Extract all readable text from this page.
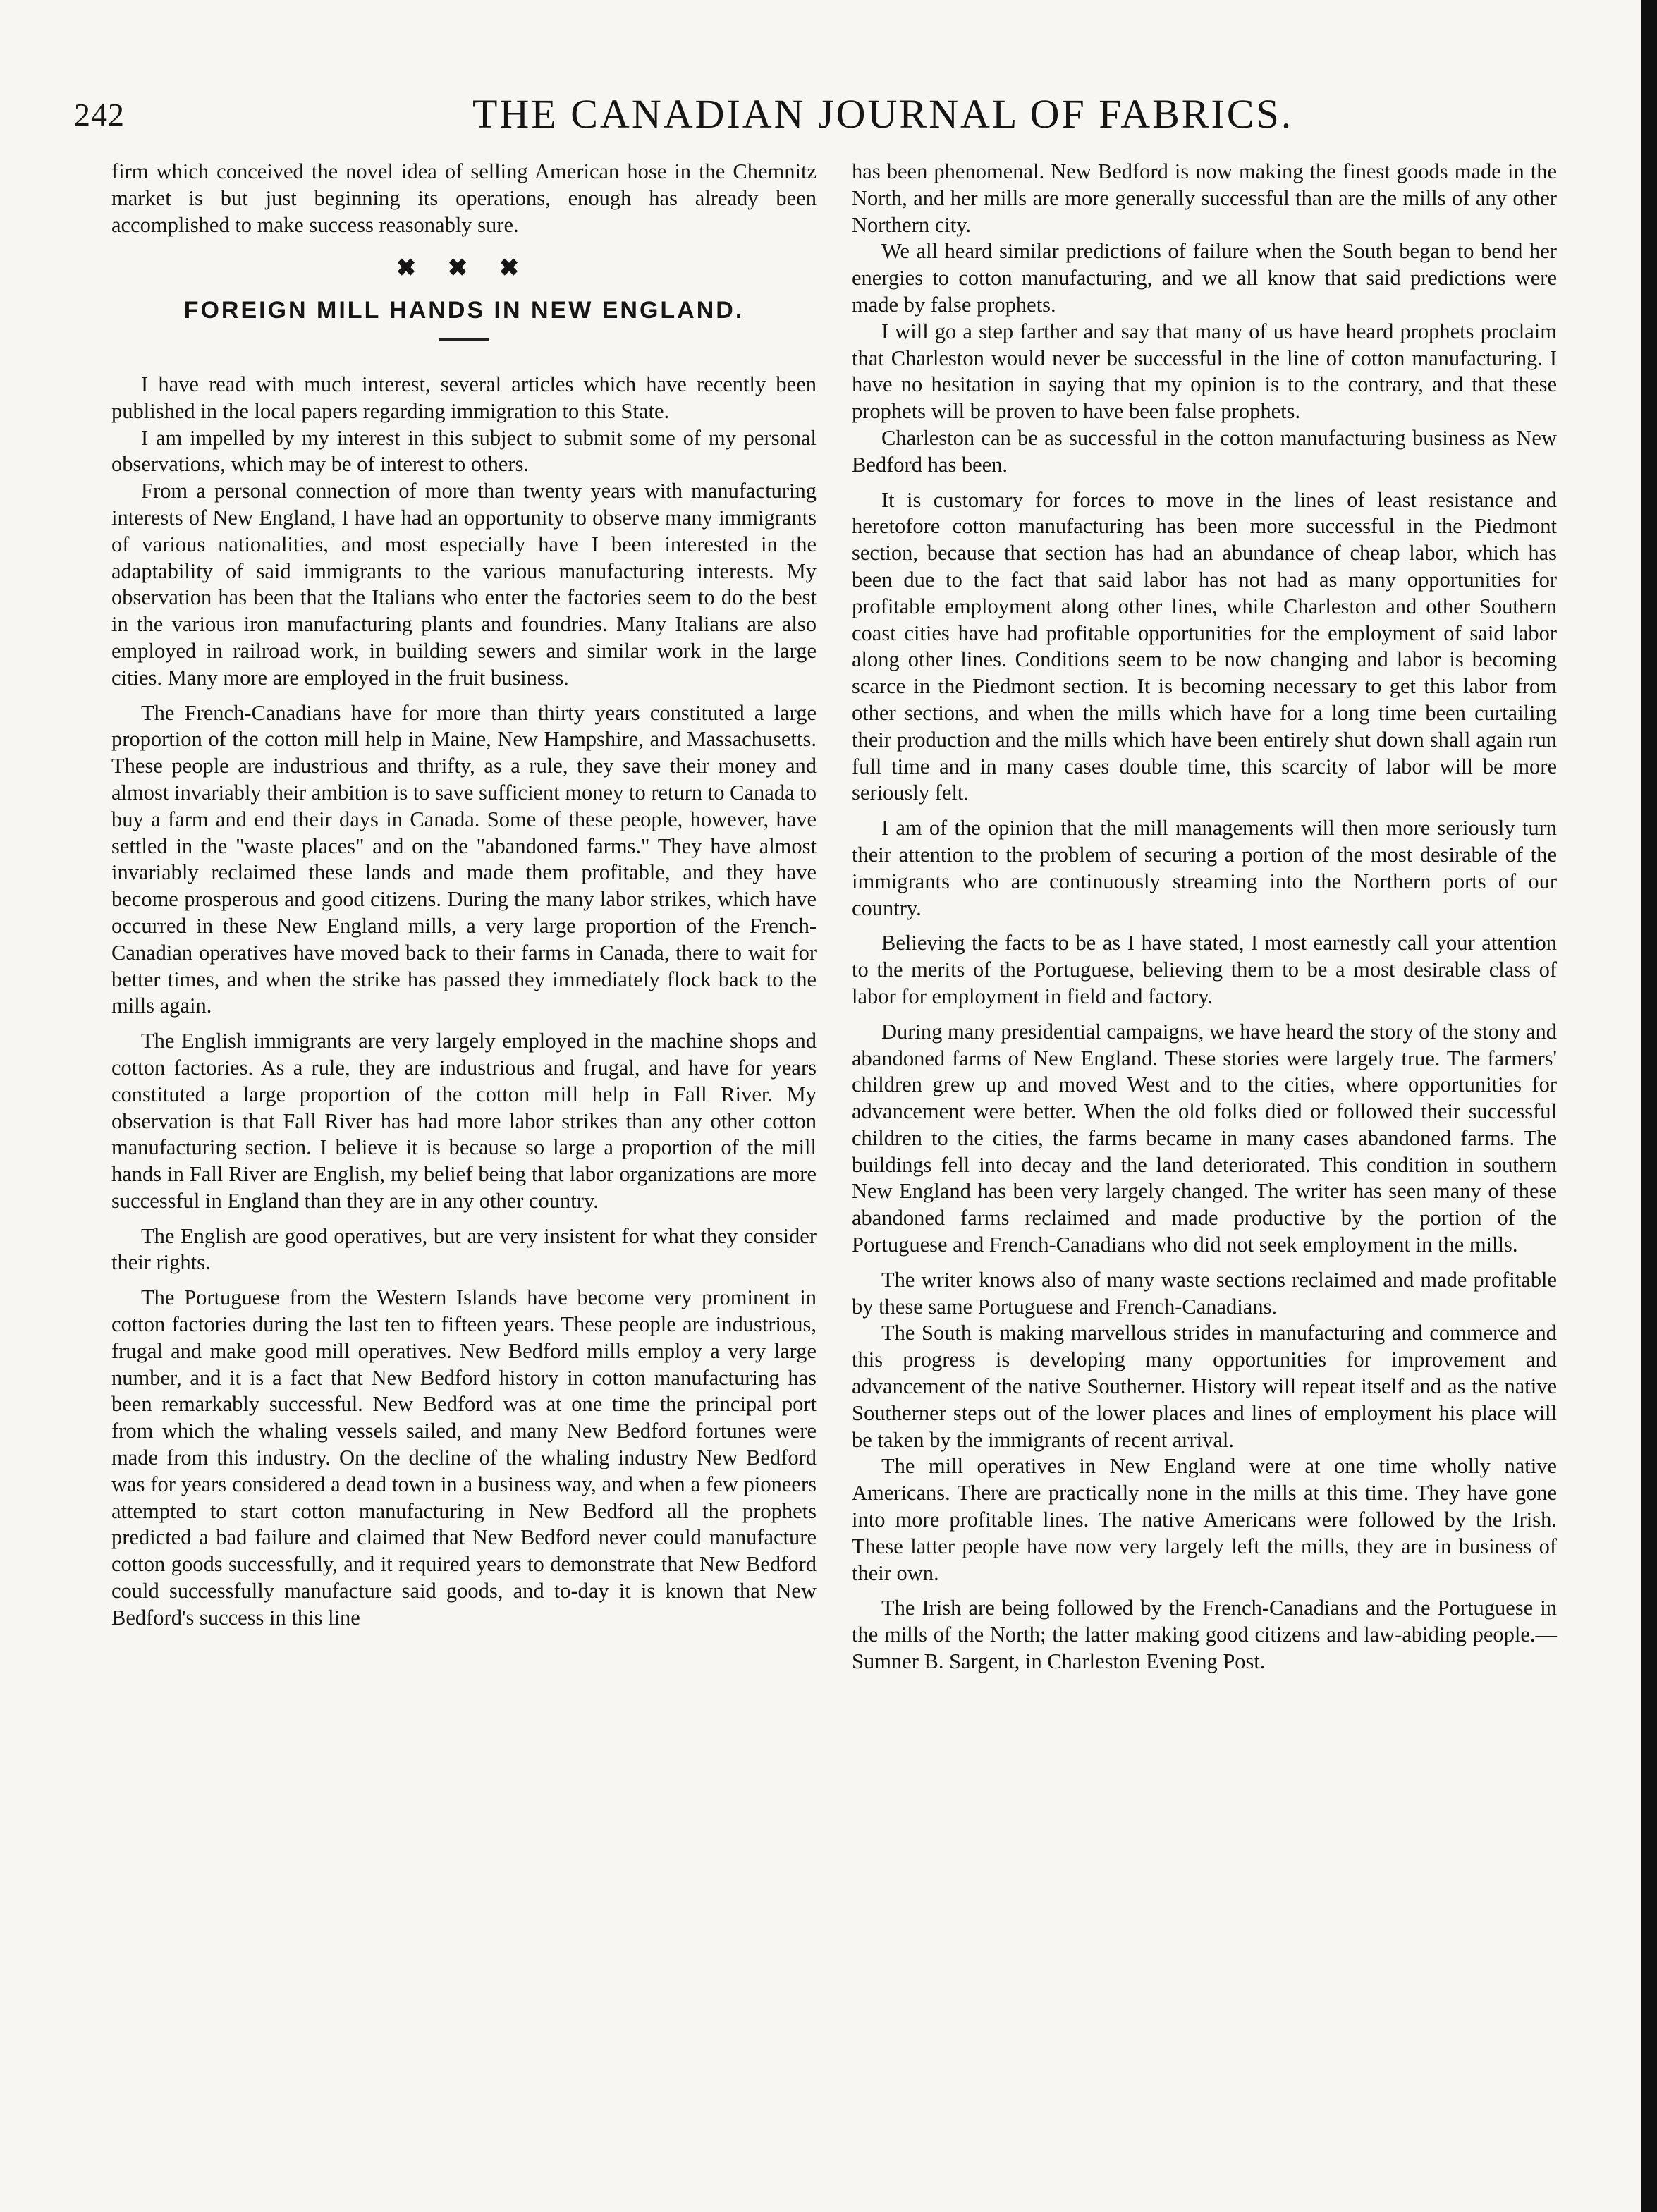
242	THE CANADIAN JOURNAL OF FABRICS.

firm which conceived the novel idea of selling American hose in the Chemnitz market is but just beginning its operations, enough has already been accomplished to make success reasonably sure.

✖ ✖ ✖
FOREIGN MILL HANDS IN NEW ENGLAND.

I have read with much interest, several articles which have recently been published in the local papers regarding immigration to this State.

I am impelled by my interest in this subject to submit some of my personal observations, which may be of interest to others.

From a personal connection of more than twenty years with manufacturing interests of New England, I have had an opportunity to observe many immigrants of various nationalities, and most especially have I been interested in the adaptability of said immigrants to the various manufacturing interests. My observation has been that the Italians who enter the factories seem to do the best in the various iron manufacturing plants and foundries. Many Italians are also employed in railroad work, in building sewers and similar work in the large cities. Many more are employed in the fruit business.

The French-Canadians have for more than thirty years constituted a large proportion of the cotton mill help in Maine, New Hampshire, and Massachusetts. These people are industrious and thrifty, as a rule, they save their money and almost invariably their ambition is to save sufficient money to return to Canada to buy a farm and end their days in Canada. Some of these people, however, have settled in the "waste places" and on the "abandoned farms." They have almost invariably reclaimed these lands and made them profitable, and they have become prosperous and good citizens. During the many labor strikes, which have occurred in these New England mills, a very large proportion of the French-Canadian operatives have moved back to their farms in Canada, there to wait for better times, and when the strike has passed they immediately flock back to the mills again.

The English immigrants are very largely employed in the machine shops and cotton factories. As a rule, they are industrious and frugal, and have for years constituted a large proportion of the cotton mill help in Fall River. My observation is that Fall River has had more labor strikes than any other cotton manufacturing section. I believe it is because so large a proportion of the mill hands in Fall River are English, my belief being that labor organizations are more successful in England than they are in any other country.

The English are good operatives, but are very insistent for what they consider their rights.

The Portuguese from the Western Islands have become very prominent in cotton factories during the last ten to fifteen years. These people are industrious, frugal and make good mill operatives. New Bedford mills employ a very large number, and it is a fact that New Bedford history in cotton manufacturing has been remarkably successful. New Bedford was at one time the principal port from which the whaling vessels sailed, and many New Bedford fortunes were made from this industry. On the decline of the whaling industry New Bedford was for years considered a dead town in a business way, and when a few pioneers attempted to start cotton manufacturing in New Bedford all the prophets predicted a bad failure and claimed that New Bedford never could manufacture cotton goods successfully, and it required years to demonstrate that New Bedford could successfully manufacture said goods, and to-day it is known that New Bedford's success in this line

has been phenomenal. New Bedford is now making the finest goods made in the North, and her mills are more generally successful than are the mills of any other Northern city.

We all heard similar predictions of failure when the South began to bend her energies to cotton manufacturing, and we all know that said predictions were made by false prophets.

I will go a step farther and say that many of us have heard prophets proclaim that Charleston would never be successful in the line of cotton manufacturing. I have no hesitation in saying that my opinion is to the contrary, and that these prophets will be proven to have been false prophets.

Charleston can be as successful in the cotton manufacturing business as New Bedford has been.

It is customary for forces to move in the lines of least resistance and heretofore cotton manufacturing has been more successful in the Piedmont section, because that section has had an abundance of cheap labor, which has been due to the fact that said labor has not had as many opportunities for profitable employment along other lines, while Charleston and other Southern coast cities have had profitable opportunities for the employment of said labor along other lines. Conditions seem to be now changing and labor is becoming scarce in the Piedmont section. It is becoming necessary to get this labor from other sections, and when the mills which have for a long time been curtailing their production and the mills which have been entirely shut down shall again run full time and in many cases double time, this scarcity of labor will be more seriously felt.

I am of the opinion that the mill managements will then more seriously turn their attention to the problem of securing a portion of the most desirable of the immigrants who are continuously streaming into the Northern ports of our country.

Believing the facts to be as I have stated, I most earnestly call your attention to the merits of the Portuguese, believing them to be a most desirable class of labor for employment in field and factory.

During many presidential campaigns, we have heard the story of the stony and abandoned farms of New England. These stories were largely true. The farmers' children grew up and moved West and to the cities, where opportunities for advancement were better. When the old folks died or followed their successful children to the cities, the farms became in many cases abandoned farms. The buildings fell into decay and the land deteriorated. This condition in southern New England has been very largely changed. The writer has seen many of these abandoned farms reclaimed and made productive by the portion of the Portuguese and French-Canadians who did not seek employment in the mills.

The writer knows also of many waste sections reclaimed and made profitable by these same Portuguese and French-Canadians.

The South is making marvellous strides in manufacturing and commerce and this progress is developing many opportunities for improvement and advancement of the native Southerner. History will repeat itself and as the native Southerner steps out of the lower places and lines of employment his place will be taken by the immigrants of recent arrival.

The mill operatives in New England were at one time wholly native Americans. There are practically none in the mills at this time. They have gone into more profitable lines. The native Americans were followed by the Irish. These latter people have now very largely left the mills, they are in business of their own.

The Irish are being followed by the French-Canadians and the Portuguese in the mills of the North; the latter making good citizens and law-abiding people.—Sumner B. Sargent, in Charleston Evening Post.
